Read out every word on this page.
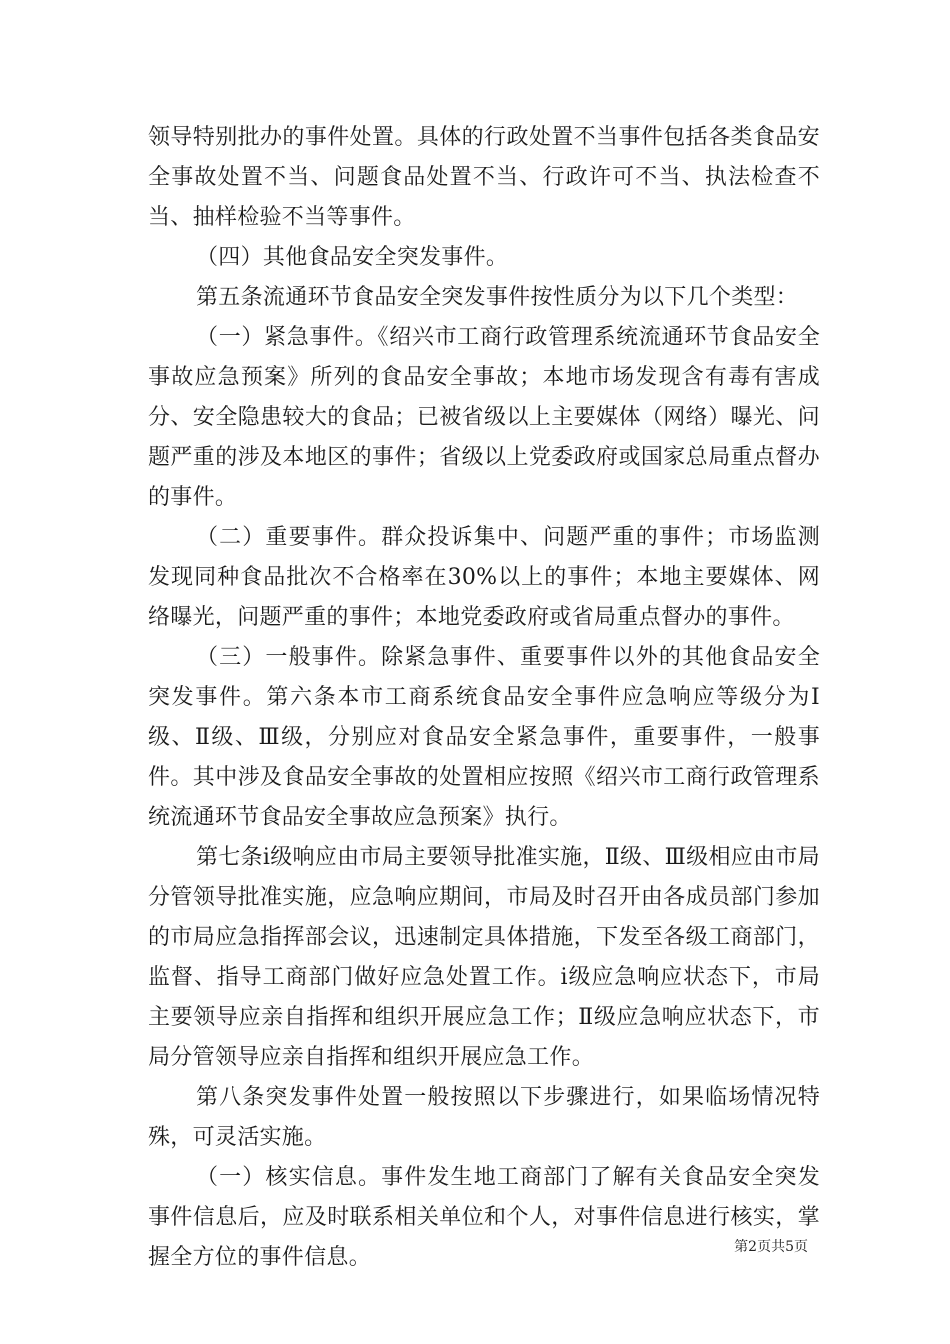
领导特别批办的事件处置。具体的行政处置不当事件包括各类食品安全事故处置不当、问题食品处置不当、行政许可不当、执法检查不当、抽样检验不当等事件。

（四）其他食品安全突发事件。

第五条流通环节食品安全突发事件按性质分为以下几个类型：

（一）紧急事件。《绍兴市工商行政管理系统流通环节食品安全事故应急预案》所列的食品安全事故；本地市场发现含有毒有害成分、安全隐患较大的食品；已被省级以上主要媒体（网络）曝光、问题严重的涉及本地区的事件；省级以上党委政府或国家总局重点督办的事件。

（二）重要事件。群众投诉集中、问题严重的事件；市场监测发现同种食品批次不合格率在30%以上的事件；本地主要媒体、网络曝光，问题严重的事件；本地党委政府或省局重点督办的事件。

（三）一般事件。除紧急事件、重要事件以外的其他食品安全突发事件。第六条本市工商系统食品安全事件应急响应等级分为Ⅰ级、Ⅱ级、Ⅲ级，分别应对食品安全紧急事件，重要事件，一般事件。其中涉及食品安全事故的处置相应按照《绍兴市工商行政管理系统流通环节食品安全事故应急预案》执行。

第七条ⅰ级响应由市局主要领导批准实施，Ⅱ级、Ⅲ级相应由市局分管领导批准实施，应急响应期间，市局及时召开由各成员部门参加的市局应急指挥部会议，迅速制定具体措施，下发至各级工商部门，监督、指导工商部门做好应急处置工作。ⅰ级应急响应状态下，市局主要领导应亲自指挥和组织开展应急工作；Ⅱ级应急响应状态下，市局分管领导应亲自指挥和组织开展应急工作。

第八条突发事件处置一般按照以下步骤进行，如果临场情况特殊，可灵活实施。

（一）核实信息。事件发生地工商部门了解有关食品安全突发事件信息后，应及时联系相关单位和个人，对事件信息进行核实，掌握全方位的事件信息。	第2页共5页
